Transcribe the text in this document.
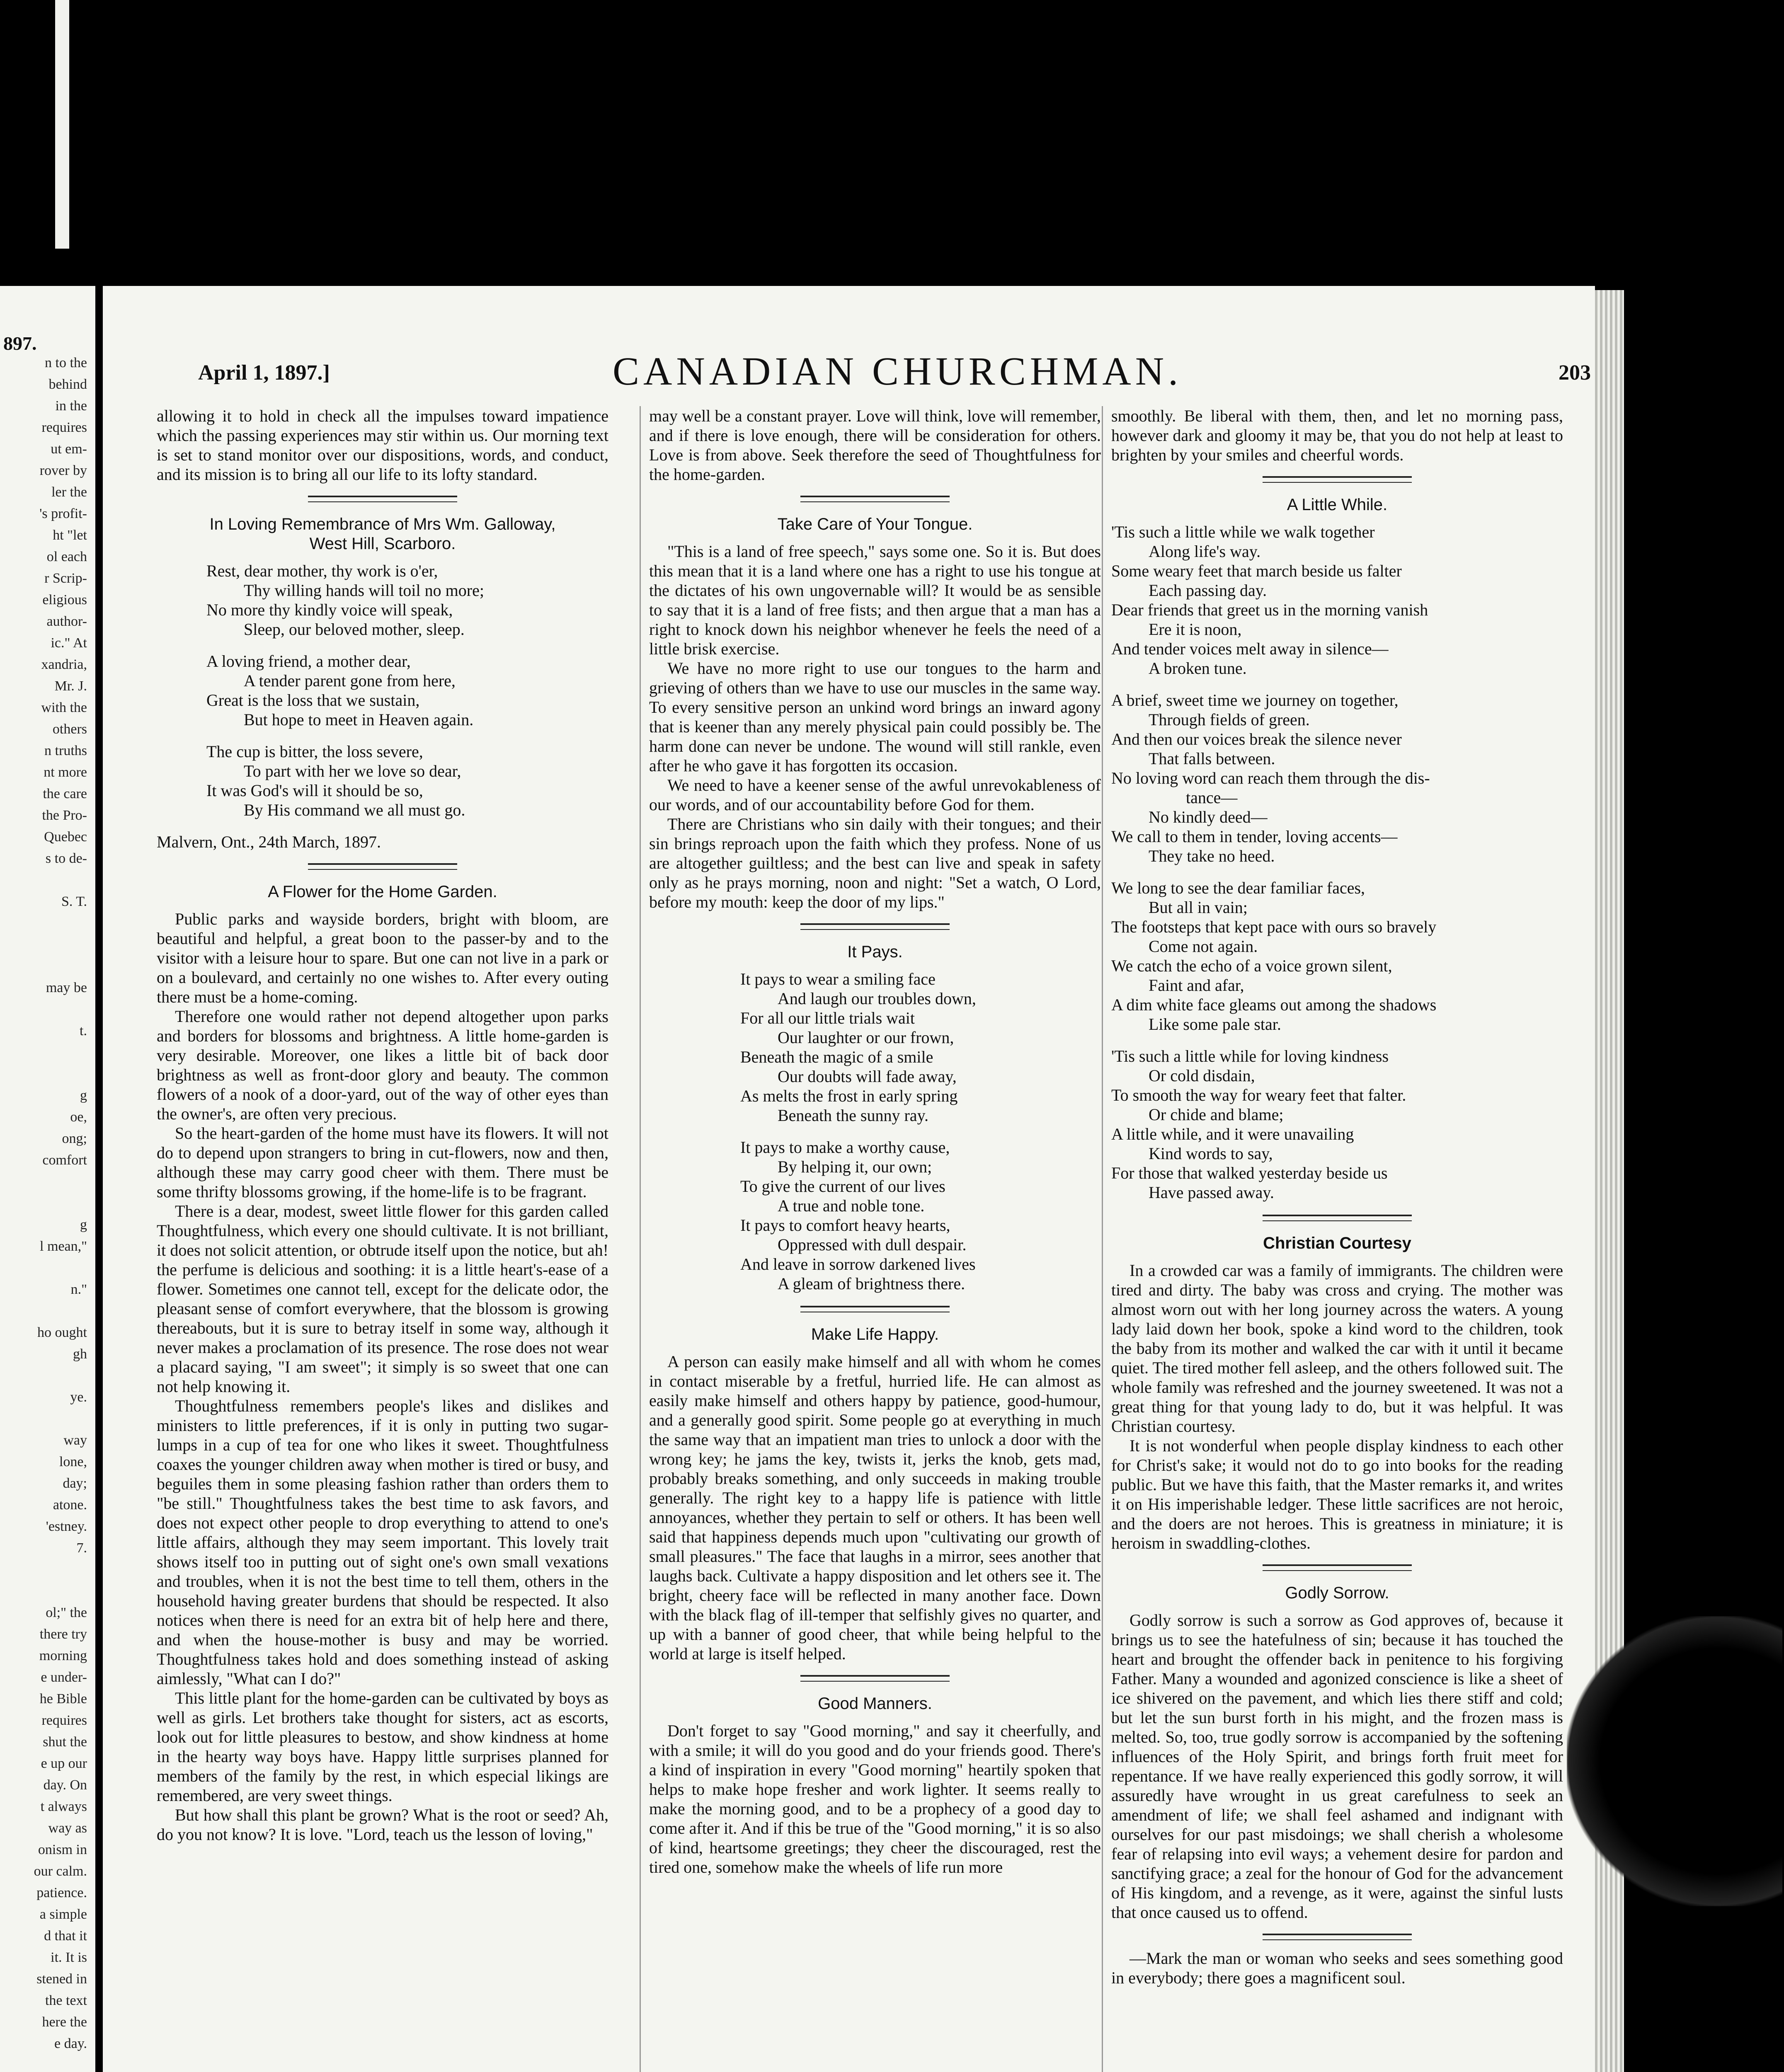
897.
n to the
behind
in the
requires
ut em-
rover by
ler the
's profit-
ht "let
ol each
r Scrip-
eligious
author-
ic." At
xandria,
Mr. J.
with the
others
n truths
nt more
the care
the Pro-
Quebec
s to de-

S. T.

may be

t.

g
oe,
ong;
comfort

g
l mean,"

n."

ho ought
gh

ye.

way
lone,
day;
atone.
'estney.
7.

ol;" the
there try
morning
e under-
he Bible
requires
shut the
e up our
day. On
t always
way as
onism in
our calm.
patience.
a simple
d that it
it. It is
stened in
the text
here the
e day.

April 1, 1897.]	CANADIAN CHURCHMAN.	203

allowing it to hold in check all the impulses toward impatience which the passing experiences may stir within us. Our morning text is set to stand monitor over our dispositions, words, and conduct, and its mission is to bring all our life to its lofty standard.

In Loving Remembrance of Mrs Wm. Galloway,
West Hill, Scarboro.
Rest, dear mother, thy work is o'er,
Thy willing hands will toil no more;
No more thy kindly voice will speak,
Sleep, our beloved mother, sleep.
A loving friend, a mother dear,
A tender parent gone from here,
Great is the loss that we sustain,
But hope to meet in Heaven again.
The cup is bitter, the loss severe,
To part with her we love so dear,
It was God's will it should be so,
By His command we all must go.

Malvern, Ont., 24th March, 1897.

A Flower for the Home Garden.

Public parks and wayside borders, bright with bloom, are beautiful and helpful, a great boon to the passer-by and to the visitor with a leisure hour to spare. But one can not live in a park or on a boulevard, and certainly no one wishes to. After every outing there must be a home-coming.

Therefore one would rather not depend altogether upon parks and borders for blossoms and brightness. A little home-garden is very desirable. Moreover, one likes a little bit of back door brightness as well as front-door glory and beauty. The common flowers of a nook of a door-yard, out of the way of other eyes than the owner's, are often very precious.

So the heart-garden of the home must have its flowers. It will not do to depend upon strangers to bring in cut-flowers, now and then, although these may carry good cheer with them. There must be some thrifty blossoms growing, if the home-life is to be fragrant.

There is a dear, modest, sweet little flower for this garden called Thoughtfulness, which every one should cultivate. It is not brilliant, it does not solicit attention, or obtrude itself upon the notice, but ah! the perfume is delicious and soothing: it is a little heart's-ease of a flower. Sometimes one cannot tell, except for the delicate odor, the pleasant sense of comfort everywhere, that the blossom is growing thereabouts, but it is sure to betray itself in some way, although it never makes a proclamation of its presence. The rose does not wear a placard saying, "I am sweet"; it simply is so sweet that one can not help knowing it.

Thoughtfulness remembers people's likes and dislikes and ministers to little preferences, if it is only in putting two sugar-lumps in a cup of tea for one who likes it sweet. Thoughtfulness coaxes the younger children away when mother is tired or busy, and beguiles them in some pleasing fashion rather than orders them to "be still." Thoughtfulness takes the best time to ask favors, and does not expect other people to drop everything to attend to one's little affairs, although they may seem important. This lovely trait shows itself too in putting out of sight one's own small vexations and troubles, when it is not the best time to tell them, others in the household having greater burdens that should be respected. It also notices when there is need for an extra bit of help here and there, and when the house-mother is busy and may be worried. Thoughtfulness takes hold and does something instead of asking aimlessly, "What can I do?"

This little plant for the home-garden can be cultivated by boys as well as girls. Let brothers take thought for sisters, act as escorts, look out for little pleasures to bestow, and show kindness at home in the hearty way boys have. Happy little surprises planned for members of the family by the rest, in which especial likings are remembered, are very sweet things.

But how shall this plant be grown? What is the root or seed? Ah, do you not know? It is love. "Lord, teach us the lesson of loving,"

may well be a constant prayer. Love will think, love will remember, and if there is love enough, there will be consideration for others. Love is from above. Seek therefore the seed of Thoughtfulness for the home-garden.

Take Care of Your Tongue.

"This is a land of free speech," says some one. So it is. But does this mean that it is a land where one has a right to use his tongue at the dictates of his own ungovernable will? It would be as sensible to say that it is a land of free fists; and then argue that a man has a right to knock down his neighbor whenever he feels the need of a little brisk exercise.

We have no more right to use our tongues to the harm and grieving of others than we have to use our muscles in the same way. To every sensitive person an unkind word brings an inward agony that is keener than any merely physical pain could possibly be. The harm done can never be undone. The wound will still rankle, even after he who gave it has forgotten its occasion.

We need to have a keener sense of the awful unrevokableness of our words, and of our accountability before God for them.

There are Christians who sin daily with their tongues; and their sin brings reproach upon the faith which they profess. None of us are altogether guiltless; and the best can live and speak in safety only as he prays morning, noon and night: "Set a watch, O Lord, before my mouth: keep the door of my lips."

It Pays.
It pays to wear a smiling face
And laugh our troubles down,
For all our little trials wait
Our laughter or our frown,
Beneath the magic of a smile
Our doubts will fade away,
As melts the frost in early spring
Beneath the sunny ray.
It pays to make a worthy cause,
By helping it, our own;
To give the current of our lives
A true and noble tone.
It pays to comfort heavy hearts,
Oppressed with dull despair.
And leave in sorrow darkened lives
A gleam of brightness there.
Make Life Happy.

A person can easily make himself and all with whom he comes in contact miserable by a fretful, hurried life. He can almost as easily make himself and others happy by patience, good-humour, and a generally good spirit. Some people go at everything in much the same way that an impatient man tries to unlock a door with the wrong key; he jams the key, twists it, jerks the knob, gets mad, probably breaks something, and only succeeds in making trouble generally. The right key to a happy life is patience with little annoyances, whether they pertain to self or others. It has been well said that happiness depends much upon "cultivating our growth of small pleasures." The face that laughs in a mirror, sees another that laughs back. Cultivate a happy disposition and let others see it. The bright, cheery face will be reflected in many another face. Down with the black flag of ill-temper that selfishly gives no quarter, and up with a banner of good cheer, that while being helpful to the world at large is itself helped.

Good Manners.

Don't forget to say "Good morning," and say it cheerfully, and with a smile; it will do you good and do your friends good. There's a kind of inspiration in every "Good morning" heartily spoken that helps to make hope fresher and work lighter. It seems really to make the morning good, and to be a prophecy of a good day to come after it. And if this be true of the "Good morning," it is so also of kind, heartsome greetings; they cheer the discouraged, rest the tired one, somehow make the wheels of life run more

smoothly. Be liberal with them, then, and let no morning pass, however dark and gloomy it may be, that you do not help at least to brighten by your smiles and cheerful words.

A Little While.
'Tis such a little while we walk together
Along life's way.
Some weary feet that march beside us falter
Each passing day.
Dear friends that greet us in the morning vanish
Ere it is noon,
And tender voices melt away in silence—
A broken tune.
A brief, sweet time we journey on together,
Through fields of green.
And then our voices break the silence never
That falls between.
No loving word can reach them through the dis-
tance—
No kindly deed—
We call to them in tender, loving accents—
They take no heed.
We long to see the dear familiar faces,
But all in vain;
The footsteps that kept pace with ours so bravely
Come not again.
We catch the echo of a voice grown silent,
Faint and afar,
A dim white face gleams out among the shadows
Like some pale star.
'Tis such a little while for loving kindness
Or cold disdain,
To smooth the way for weary feet that falter.
Or chide and blame;
A little while, and it were unavailing
Kind words to say,
For those that walked yesterday beside us
Have passed away.
Christian Courtesy

In a crowded car was a family of immigrants. The children were tired and dirty. The baby was cross and crying. The mother was almost worn out with her long journey across the waters. A young lady laid down her book, spoke a kind word to the children, took the baby from its mother and walked the car with it until it became quiet. The tired mother fell asleep, and the others followed suit. The whole family was refreshed and the journey sweetened. It was not a great thing for that young lady to do, but it was helpful. It was Christian courtesy.

It is not wonderful when people display kindness to each other for Christ's sake; it would not do to go into books for the reading public. But we have this faith, that the Master remarks it, and writes it on His imperishable ledger. These little sacrifices are not heroic, and the doers are not heroes. This is greatness in miniature; it is heroism in swaddling-clothes.

Godly Sorrow.

Godly sorrow is such a sorrow as God approves of, because it brings us to see the hatefulness of sin; because it has touched the heart and brought the offender back in penitence to his forgiving Father. Many a wounded and agonized conscience is like a sheet of ice shivered on the pavement, and which lies there stiff and cold; but let the sun burst forth in his might, and the frozen mass is melted. So, too, true godly sorrow is accompanied by the softening influences of the Holy Spirit, and brings forth fruit meet for repentance. If we have really experienced this godly sorrow, it will assuredly have wrought in us great carefulness to seek an amendment of life; we shall feel ashamed and indignant with ourselves for our past misdoings; we shall cherish a wholesome fear of relapsing into evil ways; a vehement desire for pardon and sanctifying grace; a zeal for the honour of God for the advancement of His kingdom, and a revenge, as it were, against the sinful lusts that once caused us to offend.

—Mark the man or woman who seeks and sees something good in everybody; there goes a magnificent soul.
